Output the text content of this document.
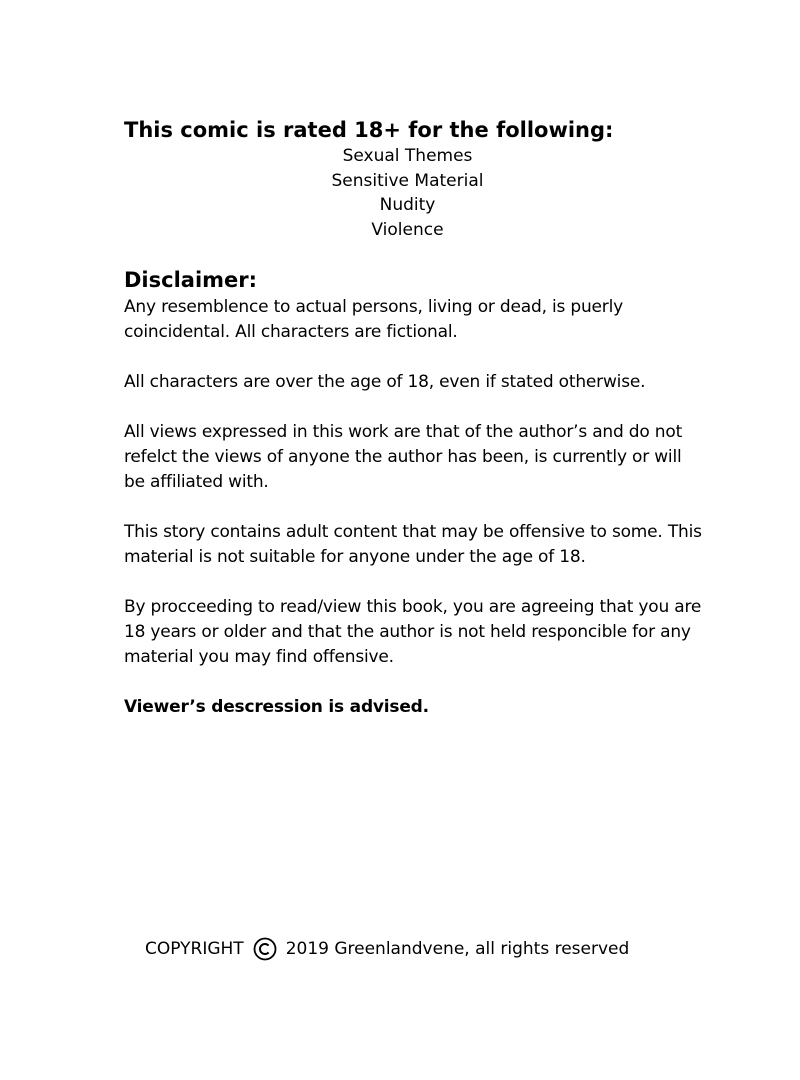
This comic is rated 18+ for the following:
Sexual Themes
Sensitive Material
Nudity
Violence
Disclaimer:

Any resemblence to actual persons, living or dead, is puerly coincidental. All characters are fictional.

All characters are over the age of 18, even if stated otherwise.

All views expressed in this work are that of the author’s and do not refelct the views of anyone the author has been, is currently or will be affiliated with.

This story contains adult content that may be offensive to some. This material is not suitable for anyone under the age of 18.

By procceeding to read/view this book, you are agreeing that you are 18 years or older and that the author is not held responcible for any material you may find offensive.

Viewer’s descression is advised.

COPYRIGHT 2019 Greenlandvene, all rights reserved
